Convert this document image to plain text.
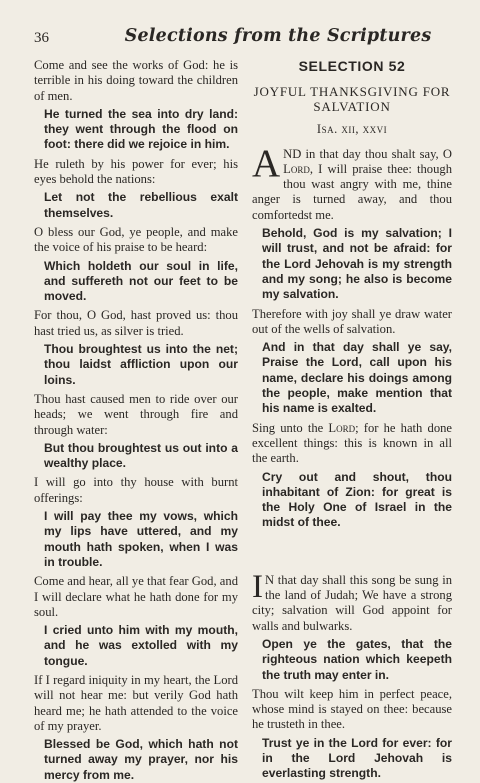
36	Selections from the Scriptures

Come and see the works of God: he is terrible in his doing toward the children of men.

He turned the sea into dry land: they went through the flood on foot: there did we rejoice in him.

He ruleth by his power for ever; his eyes behold the nations:

Let not the rebellious exalt themselves.

O bless our God, ye people, and make the voice of his praise to be heard:

Which holdeth our soul in life, and suffereth not our feet to be moved.

For thou, O God, hast proved us: thou hast tried us, as silver is tried.

Thou broughtest us into the net; thou laidst affliction upon our loins.

Thou hast caused men to ride over our heads; we went through fire and through water:

But thou broughtest us out into a wealthy place.

I will go into thy house with burnt offerings:

I will pay thee my vows, which my lips have uttered, and my mouth hath spoken, when I was in trouble.

Come and hear, all ye that fear God, and I will declare what he hath done for my soul.

I cried unto him with my mouth, and he was extolled with my tongue.

If I regard iniquity in my heart, the Lord will not hear me: but verily God hath heard me; he hath attended to the voice of my prayer.

Blessed be God, which hath not turned away my prayer, nor his mercy from me.

SELECTION 52
JOYFUL THANKSGIVING FOR SALVATION
Isa. xii, xxvi

AND in that day thou shalt say, O Lord, I will praise thee: though thou wast angry with me, thine anger is turned away, and thou comfortedst me.

Behold, God is my salvation; I will trust, and not be afraid: for the Lord Jehovah is my strength and my song; he also is become my salvation.

Therefore with joy shall ye draw water out of the wells of salvation.

And in that day shall ye say, Praise the Lord, call upon his name, declare his doings among the people, make mention that his name is exalted.

Sing unto the Lord; for he hath done excellent things: this is known in all the earth.

Cry out and shout, thou inhabitant of Zion: for great is the Holy One of Israel in the midst of thee.

I N that day shall this song be sung in the land of Judah; We have a strong city; salvation will God appoint for walls and bulwarks.

Open ye the gates, that the righteous nation which keepeth the truth may enter in.

Thou wilt keep him in perfect peace, whose mind is stayed on thee: because he trusteth in thee.

Trust ye in the Lord for ever: for in the Lord Jehovah is everlasting strength.
